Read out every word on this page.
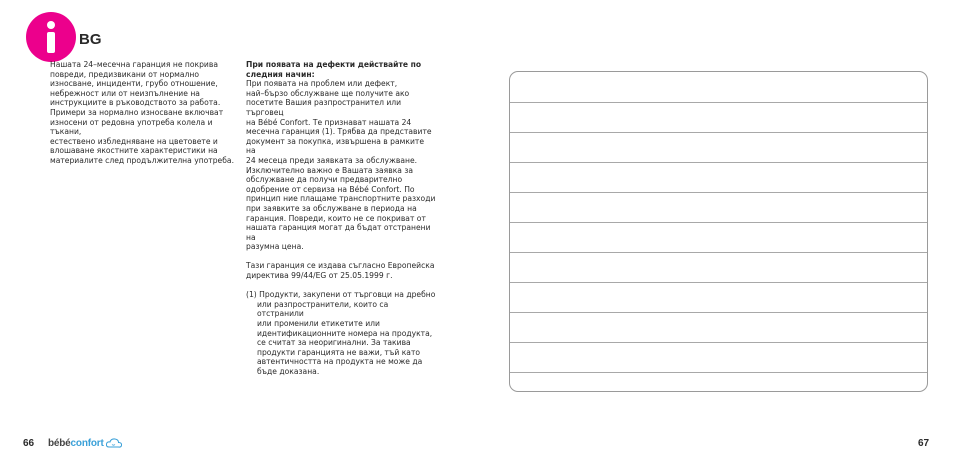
BG

Нашата 24–месечна гаранция не покрива
повреди, предизвикани от нормално
износване, инциденти, грубо отношение,
небрежност или от неизпълнение на
инструкциите в ръководството за работа.
Примери за нормално износване включват
износени от редовна употреба колела и тъкани,
естествено избледняване на цветовете и
влошаване якостните характеристики на
материалите след продължителна употреба.

При появата на дефекти действайте по
следния начин:

При появата на проблем или дефект,
най–бързо обслужване ще получите ако
посетите Вашия разпространител или търговец
на Bébé Confort. Те признават нашата 24
месечна гаранция (1). Трябва да представите
документ за покупка, извършена в рамките на
24 месеца преди заявката за обслужване.
Изключително важно е Вашата заявка за
обслужване да получи предварително
одобрение от сервиза на Bébé Confort. По
принцип ние плащаме транспортните разходи
при заявките за обслужване в периода на
гаранция. Повреди, които не се покриват от
нашата гаранция могат да бъдат отстранени на
разумна цена.

Тази гаранция се издава съгласно Европейска
директива 99/44/EG от 25.05.1999 г.

(1) Продукти, закупени от търговци на дребно
или разпространители, които са отстранили
или променили етикетите или
идентификационните номера на продукта,
се считат за неоригинални. За такива
продукти гаранцията не важи, тъй като
автентичността на продукта не може да
бъде доказана.

66 bébé confort	67
